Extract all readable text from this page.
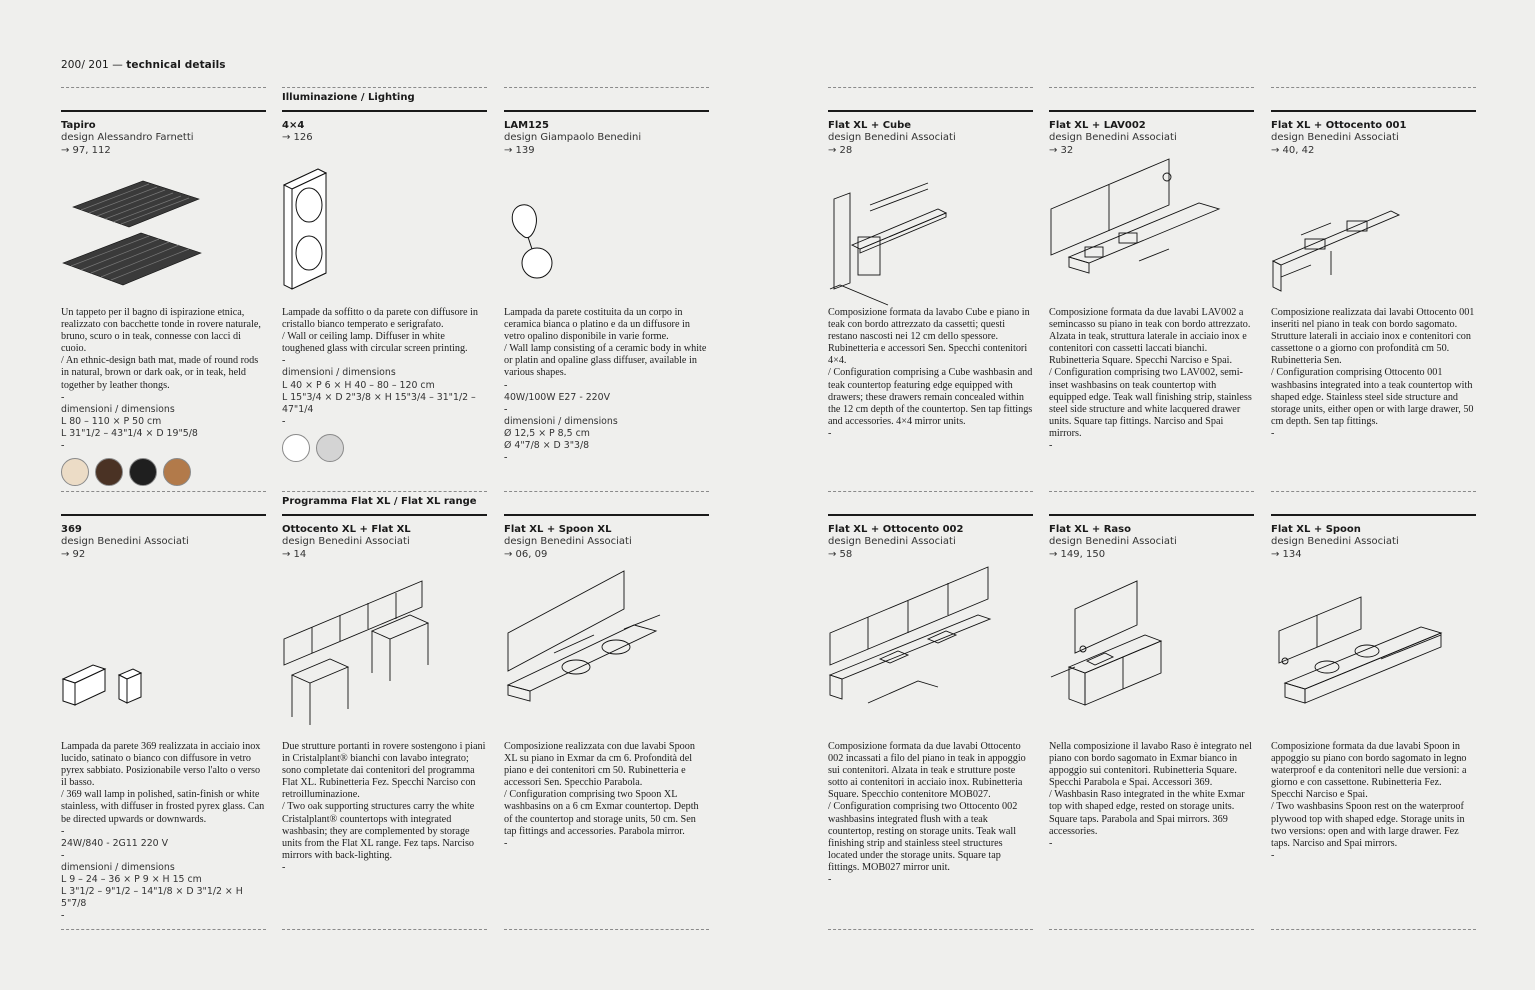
200/ 201 — technical details
Tapiro
design Alessandro Farnetti
→ 97, 112
Un tappeto per il bagno di ispirazione etnica, realizzato con bacchette tonde in rovere naturale, bruno, scuro o in teak, connesse con lacci di cuoio.
/ An ethnic-design bath mat, made of round rods in natural, brown or dark oak, or in teak, held together by leather thongs.
-
dimensioni / dimensions
L 80 – 110 × P 50 cm
L 31"1/2 – 43"1/4 × D 19"5/8
-
Illuminazione / Lighting
4×4
→ 126
Lampade da soffitto o da parete con diffusore in cristallo bianco temperato e serigrafato.
/ Wall or ceiling lamp. Diffuser in white toughened glass with circular screen printing.
-
dimensioni / dimensions
L 40 × P 6 × H 40 – 80 – 120 cm
L 15"3/4 × D 2"3/8 × H 15"3/4 – 31"1/2 – 47"1/4
-
LAM125
design Giampaolo Benedini
→ 139
Lampada da parete costituita da un corpo in ceramica bianca o platino e da un diffusore in vetro opalino disponibile in varie forme.
/ Wall lamp consisting of a ceramic body in white or platin and opaline glass diffuser, available in various shapes.
-
40W/100W E27 - 220V
-
dimensioni / dimensions
Ø 12,5 × P 8,5 cm
Ø 4"7/8 × D 3"3/8
-
Flat XL + Cube
design Benedini Associati
→ 28
Composizione formata da lavabo Cube e piano in teak con bordo attrezzato da cassetti; questi restano nascosti nei 12 cm dello spessore. Rubinetteria e accessori Sen. Specchi contenitori 4×4.
/ Configuration comprising a Cube washbasin and teak countertop featuring edge equipped with drawers; these drawers remain concealed within the 12 cm depth of the countertop. Sen tap fittings and accessories. 4×4 mirror units.
-
Flat XL + LAV002
design Benedini Associati
→ 32
Composizione formata da due lavabi LAV002 a semincasso su piano in teak con bordo attrezzato. Alzata in teak, struttura laterale in acciaio inox e contenitori con cassetti laccati bianchi. Rubinetteria Square. Specchi Narciso e Spai.
/ Configuration comprising two LAV002, semi-inset washbasins on teak countertop with equipped edge. Teak wall finishing strip, stainless steel side structure and white lacquered drawer units. Square tap fittings. Narciso and Spai mirrors.
-
Flat XL + Ottocento 001
design Benedini Associati
→ 40, 42
Composizione realizzata dai lavabi Ottocento 001 inseriti nel piano in teak con bordo sagomato. Strutture laterali in acciaio inox e contenitori con cassettone o a giorno con profondità cm 50. Rubinetteria Sen.
/ Configuration comprising Ottocento 001 washbasins integrated into a teak countertop with shaped edge. Stainless steel side structure and storage units, either open or with large drawer, 50 cm depth. Sen tap fittings.
-
369
design Benedini Associati
→ 92
Lampada da parete 369 realizzata in acciaio inox lucido, satinato o bianco con diffusore in vetro pyrex sabbiato. Posizionabile verso l'alto o verso il basso.
/ 369 wall lamp in polished, satin-finish or white stainless, with diffuser in frosted pyrex glass. Can be directed upwards or downwards.
-
24W/840 - 2G11 220 V
-
dimensioni / dimensions
L 9 – 24 – 36 × P 9 × H 15 cm
L 3"1/2 – 9"1/2 – 14"1/8 × D 3"1/2 × H 5"7/8
-
Programma Flat XL / Flat XL range
Ottocento XL + Flat XL
design Benedini Associati
→ 14
Due strutture portanti in rovere sostengono i piani in Cristalplant® bianchi con lavabo integrato; sono completate dai contenitori del programma Flat XL. Rubinetteria Fez. Specchi Narciso con retroilluminazione.
/ Two oak supporting structures carry the white Cristalplant® countertops with integrated washbasin; they are complemented by storage units from the Flat XL range. Fez taps. Narciso mirrors with back-lighting.
-
Flat XL + Spoon XL
design Benedini Associati
→ 06, 09
Composizione realizzata con due lavabi Spoon XL su piano in Exmar da cm 6. Profondità del piano e dei contenitori cm 50. Rubinetteria e accessori Sen. Specchio Parabola.
/ Configuration comprising two Spoon XL washbasins on a 6 cm Exmar countertop. Depth of the countertop and storage units, 50 cm. Sen tap fittings and accessories. Parabola mirror.
-
Flat XL + Ottocento 002
design Benedini Associati
→ 58
Composizione formata da due lavabi Ottocento 002 incassati a filo del piano in teak in appoggio sui contenitori. Alzata in teak e strutture poste sotto ai contenitori in acciaio inox. Rubinetteria Square. Specchio contenitore MOB027.
/ Configuration comprising two Ottocento 002 washbasins integrated flush with a teak countertop, resting on storage units. Teak wall finishing strip and stainless steel structures located under the storage units. Square tap fittings. MOB027 mirror unit.
-
Flat XL + Raso
design Benedini Associati
→ 149, 150
Nella composizione il lavabo Raso è integrato nel piano con bordo sagomato in Exmar bianco in appoggio sui contenitori. Rubinetteria Square. Specchi Parabola e Spai. Accessori 369.
/ Washbasin Raso integrated in the white Exmar top with shaped edge, rested on storage units. Square taps. Parabola and Spai mirrors. 369 accessories.
-
Flat XL + Spoon
design Benedini Associati
→ 134
Composizione formata da due lavabi Spoon in appoggio su piano con bordo sagomato in legno waterproof e da contenitori nelle due versioni: a giorno e con cassettone. Rubinetteria Fez. Specchi Narciso e Spai.
/ Two washbasins Spoon rest on the waterproof plywood top with shaped edge. Storage units in two versions: open and with large drawer. Fez taps. Narciso and Spai mirrors.
-
